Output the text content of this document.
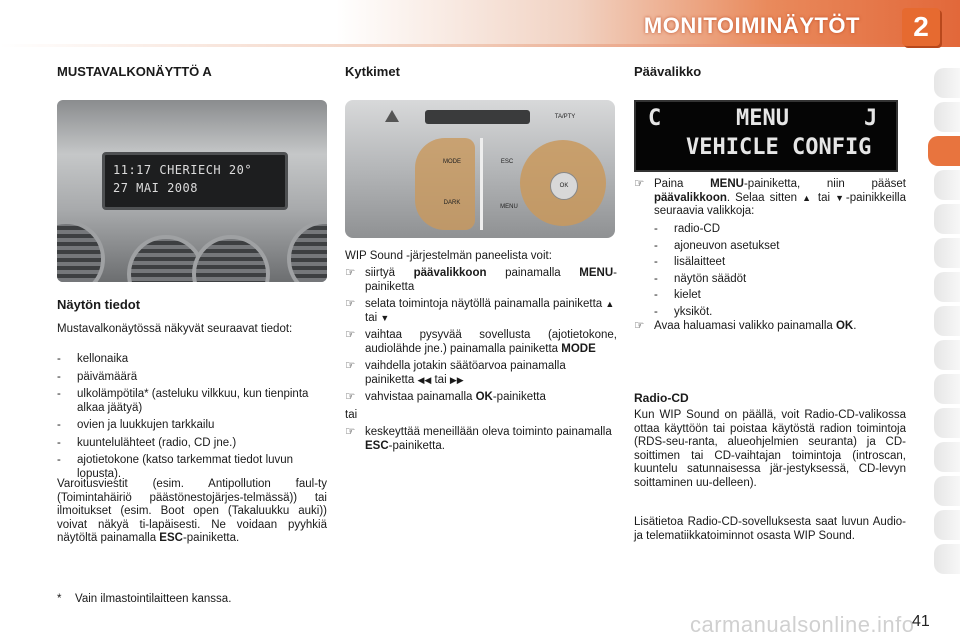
MONITOIMINÄYTÖT	2
MUSTAVALKONÄYTTÖ A
11:17 CHERIECH 20°
27 MAI 2008
Näytön tiedot
Mustavalkonäytössä näkyvät seuraavat tiedot:
- kellonaika
- päivämäärä
- ulkolämpötila* (asteluku vilkkuu, kun tienpinta alkaa jäätyä)
- ovien ja luukkujen tarkkailu
- kuuntelulähteet (radio, CD jne.)
- ajotietokone (katso tarkemmat tiedot luvun lopusta).
Varoitusviestit (esim. Antipollution faul-ty (Toimintahäiriö päästönestojärjes-telmässä)) tai ilmoitukset (esim. Boot open (Takaluukku auki)) voivat näkyä ti-lapäisesti. Ne voidaan pyyhkiä näytöltä painamalla ESC-painiketta.
* Vain ilmastointilaitteen kanssa.
Kytkimet
TA/PTY
MODE
DARK
ESC
MENU
OK
WIP Sound -järjestelmän paneelista voit:
☞ siirtyä päävalikkoon painamalla MENU-painiketta
☞ selata toimintoja näytöllä painamalla painiketta ▲ tai ▼
☞ vaihtaa pysyvää sovellusta (ajotietokone, audiolähde jne.) painamalla painiketta MODE
☞ vaihdella jotakin säätöarvoa painamalla painiketta ◀◀ tai ▶▶
☞ vahvistaa painamalla OK-painiketta
tai
☞ keskeyttää meneillään oleva toiminto painamalla ESC-painiketta.
Päävalikko
C	MENU	J
VEHICLE CONFIG
☞ Paina MENU-painiketta, niin pääset päävalikkoon. Selaa sitten ▲ tai ▼-painikkeilla seuraavia valikkoja:
- radio-CD
- ajoneuvon asetukset
- lisälaitteet
- näytön säädöt
- kielet
- yksiköt.
☞ Avaa haluamasi valikko painamalla OK.
Radio-CD
Kun WIP Sound on päällä, voit Radio-CD-valikossa ottaa käyttöön tai poistaa käytöstä radion toimintoja (RDS-seu-ranta, alueohjelmien seuranta) ja CD-soittimen tai CD-vaihtajan toimintoja (introscan, kuuntelu satunnaisessa jär-jestyksessä, CD-levyn soittaminen uu-delleen).
Lisätietoa Radio-CD-sovelluksesta saat luvun Audio- ja telematiikkatoiminnot osasta WIP Sound.
carmanualsonline.info
41
